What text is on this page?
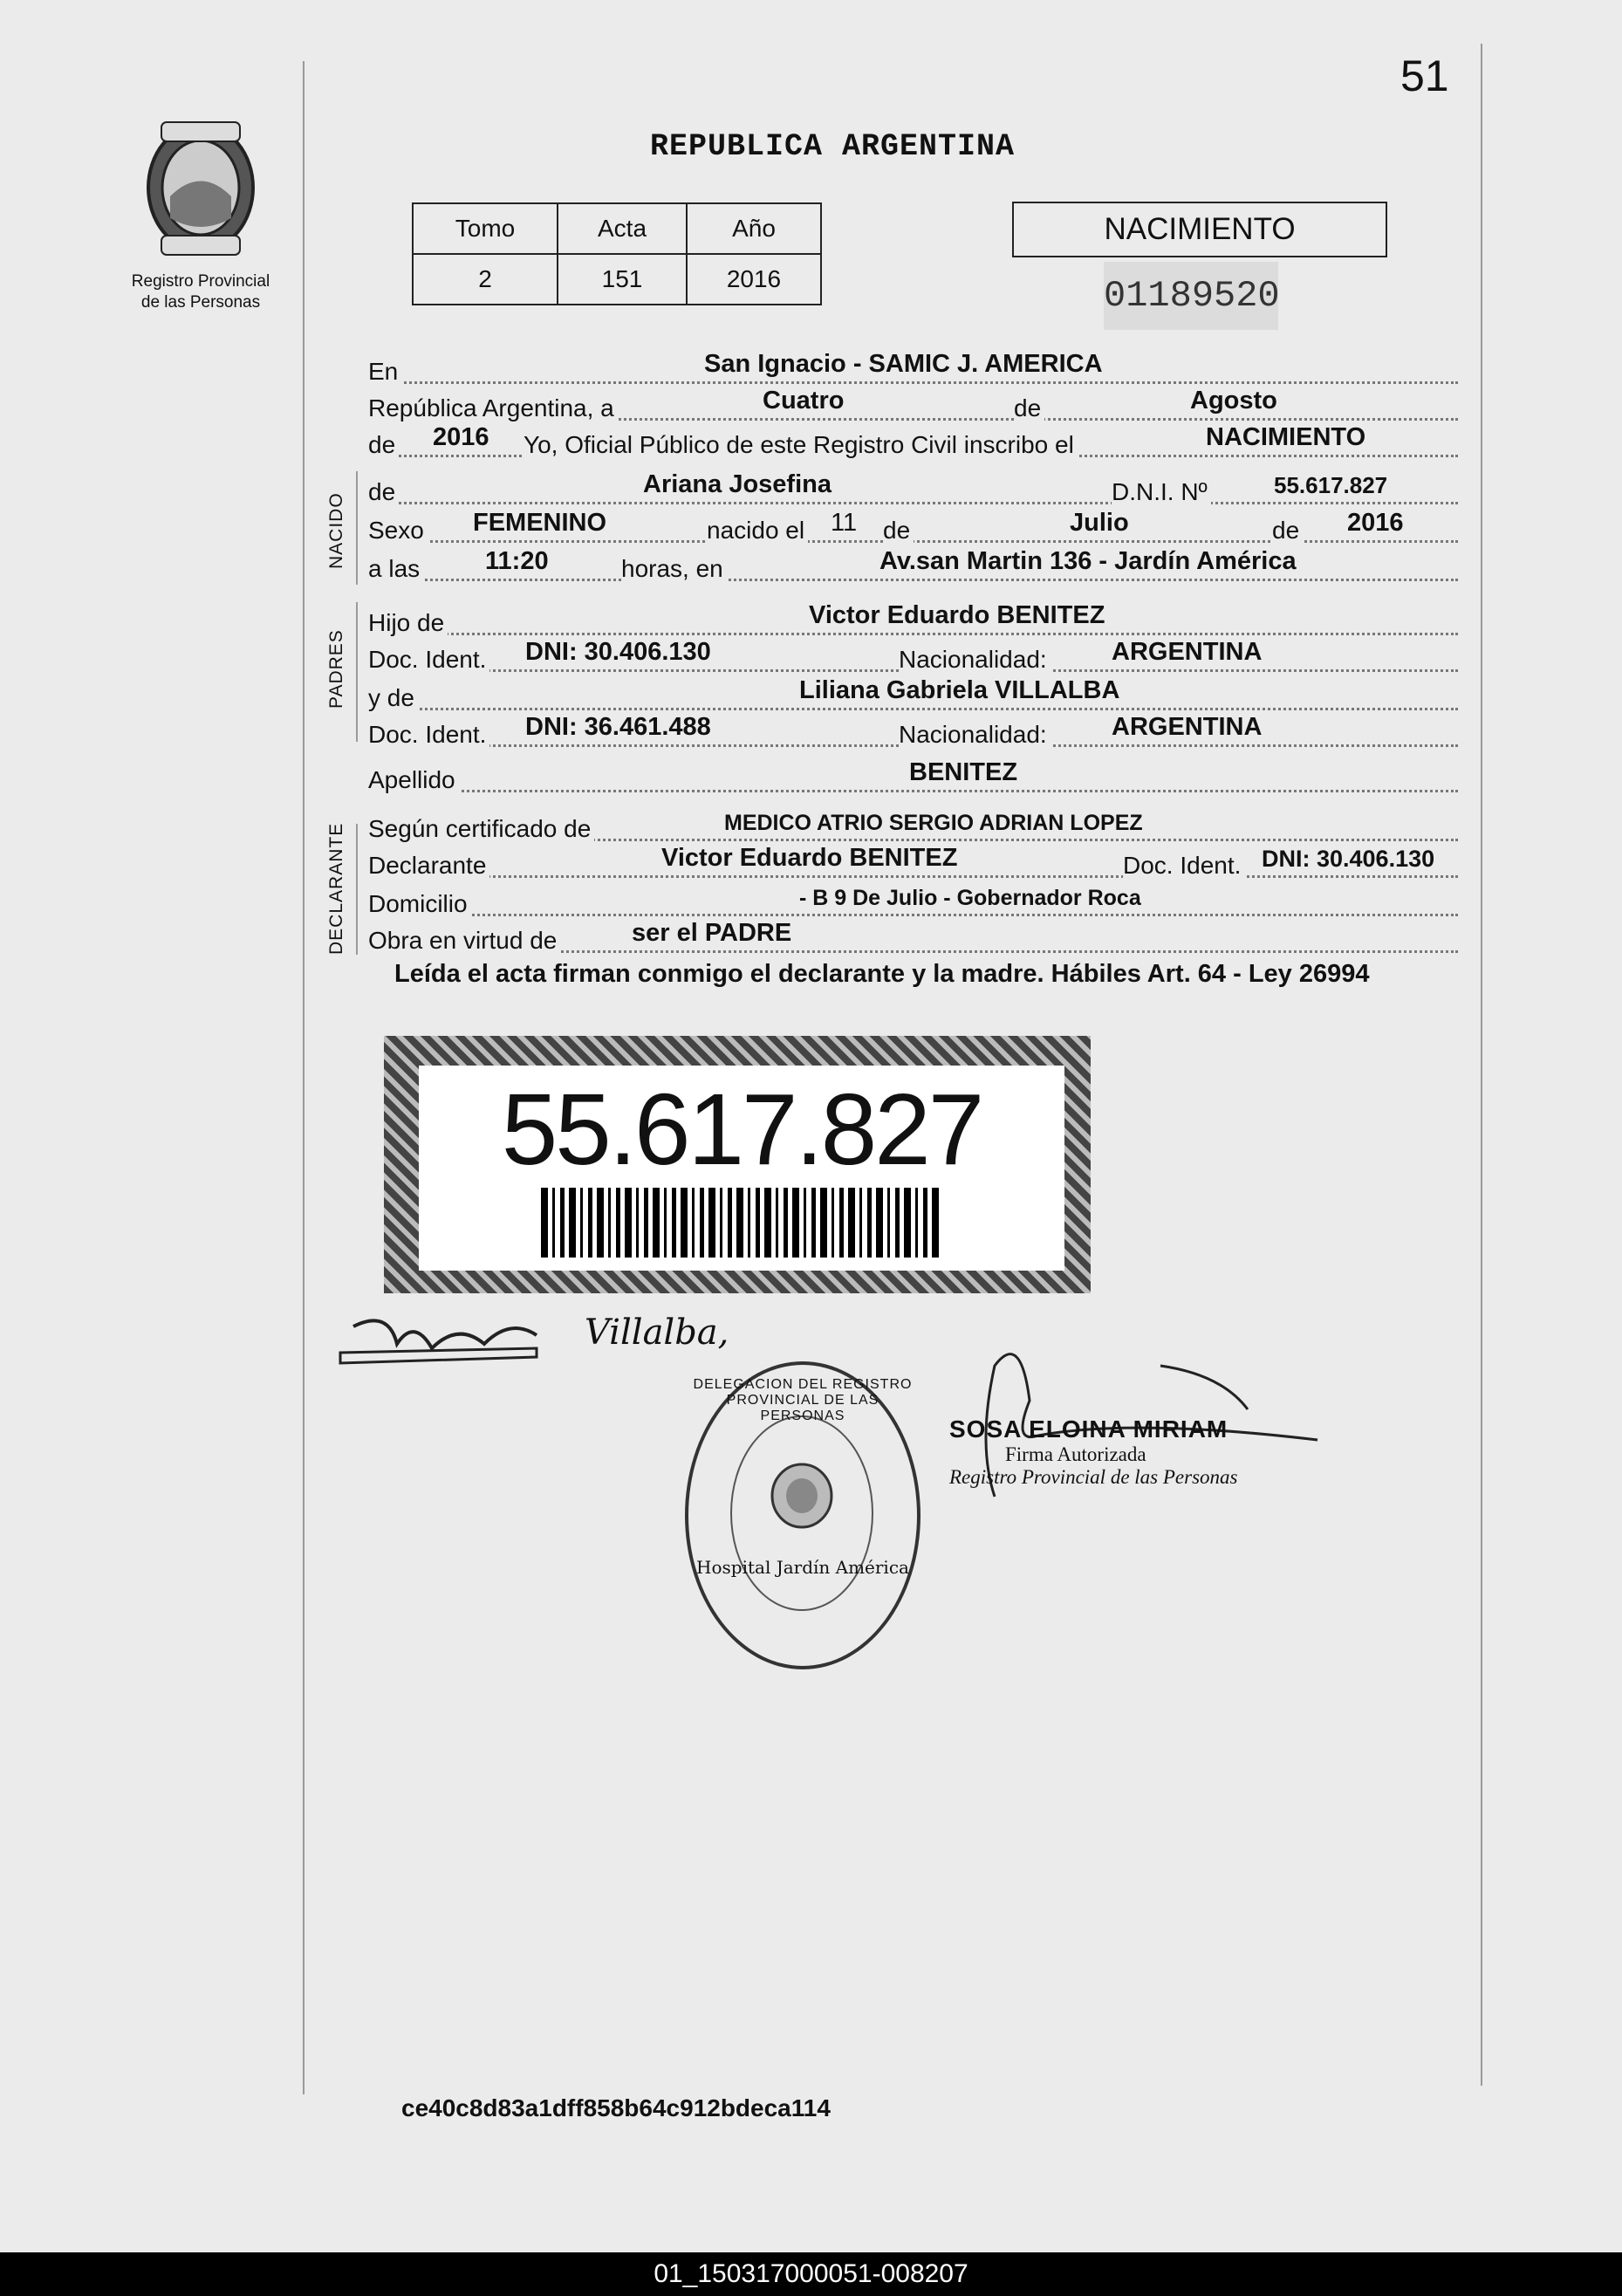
51
REPUBLICA ARGENTINA
Registro Provincial
de las Personas
Tomo	Acta	Año
2	151	2016
NACIMIENTO
01189520
En	San Ignacio - SAMIC J. AMERICA
República Argentina, a	Cuatro	de	Agosto
de 2016 Yo, Oficial Público de este Registro Civil inscribo el	NACIMIENTO
NACIDO
de	Ariana Josefina	D.N.I. Nº	55.617.827
Sexo FEMENINO	nacido el 11 de	Julio	de 2016
a las	11:20	horas, en	Av.san Martin 136 - Jardín América
PADRES
Hijo de	Victor Eduardo BENITEZ
Doc. Ident. DNI: 30.406.130	Nacionalidad:	ARGENTINA
y de	Liliana Gabriela VILLALBA
Doc. Ident. DNI: 36.461.488	Nacionalidad:	ARGENTINA
Apellido	BENITEZ
DECLARANTE Según certificado de	MEDICO ATRIO SERGIO ADRIAN LOPEZ
Declarante	Victor Eduardo BENITEZ	Doc. Ident. DNI: 30.406.130
Domicilio	- B 9 De Julio - Gobernador Roca
Obra en virtud de	ser el PADRE
Leída el acta firman conmigo el declarante y la madre. Hábiles Art. 64 - Ley 26994
55.617.827
Villalba,
DELEGACION DEL REGISTRO PROVINCIAL DE LAS PERSONAS
Hospital Jardín América
SOSA ELOINA MIRIAM
Firma Autorizada
Registro Provincial de las Personas
ce40c8d83a1dff858b64c912bdeca114
01_150317000051-008207
